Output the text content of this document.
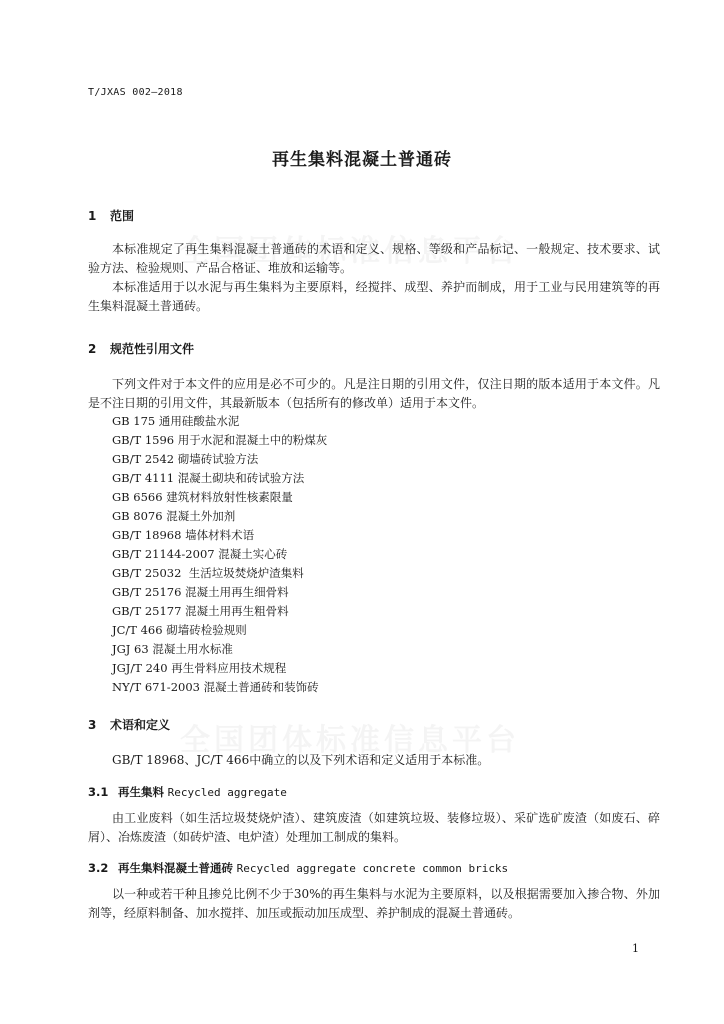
T/JXAS 002—2018
再生集料混凝土普通砖
1 范围
本标准规定了再生集料混凝土普通砖的术语和定义、规格、等级和产品标记、一般规定、技术要求、试验方法、检验规则、产品合格证、堆放和运输等。
本标准适用于以水泥与再生集料为主要原料，经搅拌、成型、养护而制成，用于工业与民用建筑等的再生集料混凝土普通砖。
2 规范性引用文件
下列文件对于本文件的应用是必不可少的。凡是注日期的引用文件，仅注日期的版本适用于本文件。凡是不注日期的引用文件，其最新版本（包括所有的修改单）适用于本文件。
GB 175 通用硅酸盐水泥
GB/T 1596 用于水泥和混凝土中的粉煤灰
GB/T 2542 砌墙砖试验方法
GB/T 4111 混凝土砌块和砖试验方法
GB 6566 建筑材料放射性核素限量
GB 8076 混凝土外加剂
GB/T 18968 墙体材料术语
GB/T 21144-2007 混凝土实心砖
GB/T 25032  生活垃圾焚烧炉渣集料
GB/T 25176 混凝土用再生细骨料
GB/T 25177 混凝土用再生粗骨料
JC/T 466 砌墙砖检验规则
JGJ 63 混凝土用水标准
JGJ/T 240 再生骨料应用技术规程
NY/T 671-2003 混凝土普通砖和装饰砖
3 术语和定义
GB/T 18968、JC/T 466中确立的以及下列术语和定义适用于本标准。
3.1 再生集料 Recycled aggregate
由工业废料（如生活垃圾焚烧炉渣）、建筑废渣（如建筑垃圾、装修垃圾）、采矿选矿废渣（如废石、碎屑）、冶炼废渣（如砖炉渣、电炉渣）处理加工制成的集料。
3.2 再生集料混凝土普通砖 Recycled aggregate concrete common bricks
以一种或若干种且掺兑比例不少于30%的再生集料与水泥为主要原料，以及根据需要加入掺合物、外加剂等，经原料制备、加水搅拌、加压或振动加压成型、养护制成的混凝土普通砖。
1
